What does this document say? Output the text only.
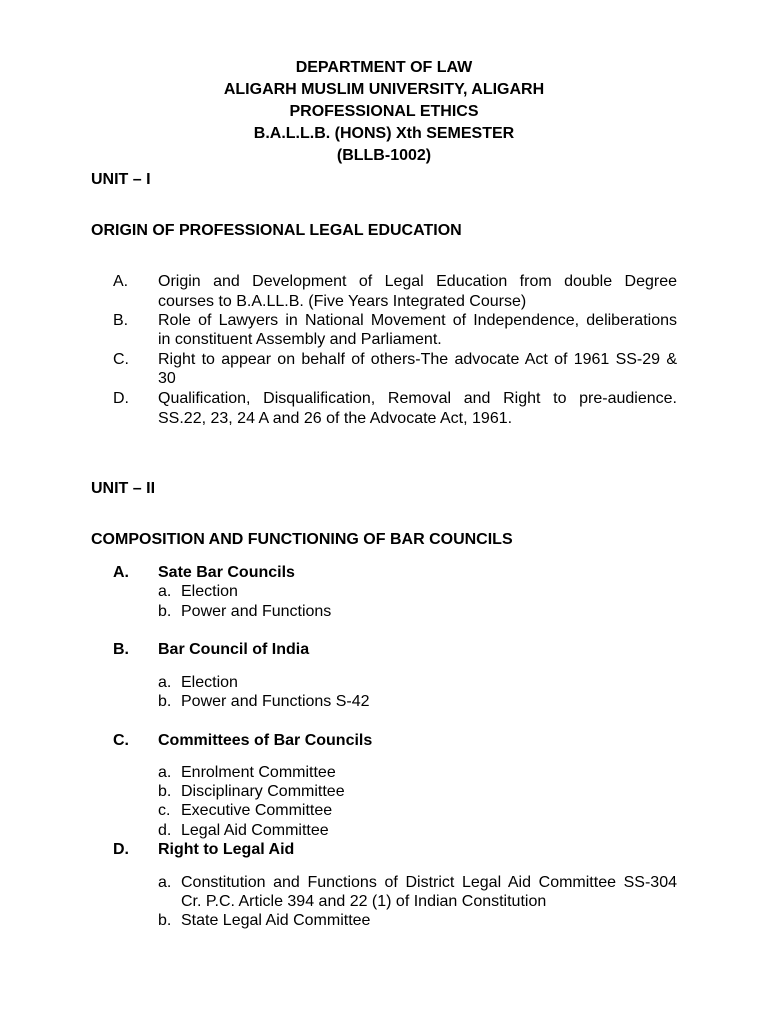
DEPARTMENT OF LAW
ALIGARH MUSLIM UNIVERSITY, ALIGARH
PROFESSIONAL ETHICS
B.A.L.L.B. (HONS) Xth SEMESTER
(BLLB-1002)
UNIT – I
ORIGIN OF PROFESSIONAL LEGAL EDUCATION
A. Origin and Development of Legal Education from double Degree
courses to B.A.LL.B. (Five Years Integrated Course)
B. Role of Lawyers in National Movement of Independence, deliberations
in constituent Assembly and Parliament.
C. Right to appear on behalf of others-The advocate Act of 1961 SS-29 &
30
D. Qualification, Disqualification, Removal and Right to pre-audience.
SS.22, 23, 24 A and 26 of the Advocate Act, 1961.
UNIT – II
COMPOSITION AND FUNCTIONING OF BAR COUNCILS
A. Sate Bar Councils
a. Election
b. Power and Functions
B. Bar Council of India
a. Election
b. Power and Functions S-42
C. Committees of Bar Councils
a. Enrolment Committee
b. Disciplinary Committee
c. Executive Committee
d. Legal Aid Committee
D. Right to Legal Aid
a. Constitution and Functions of District Legal Aid Committee SS-304
Cr. P.C. Article 394 and 22 (1) of Indian Constitution
b. State Legal Aid Committee
